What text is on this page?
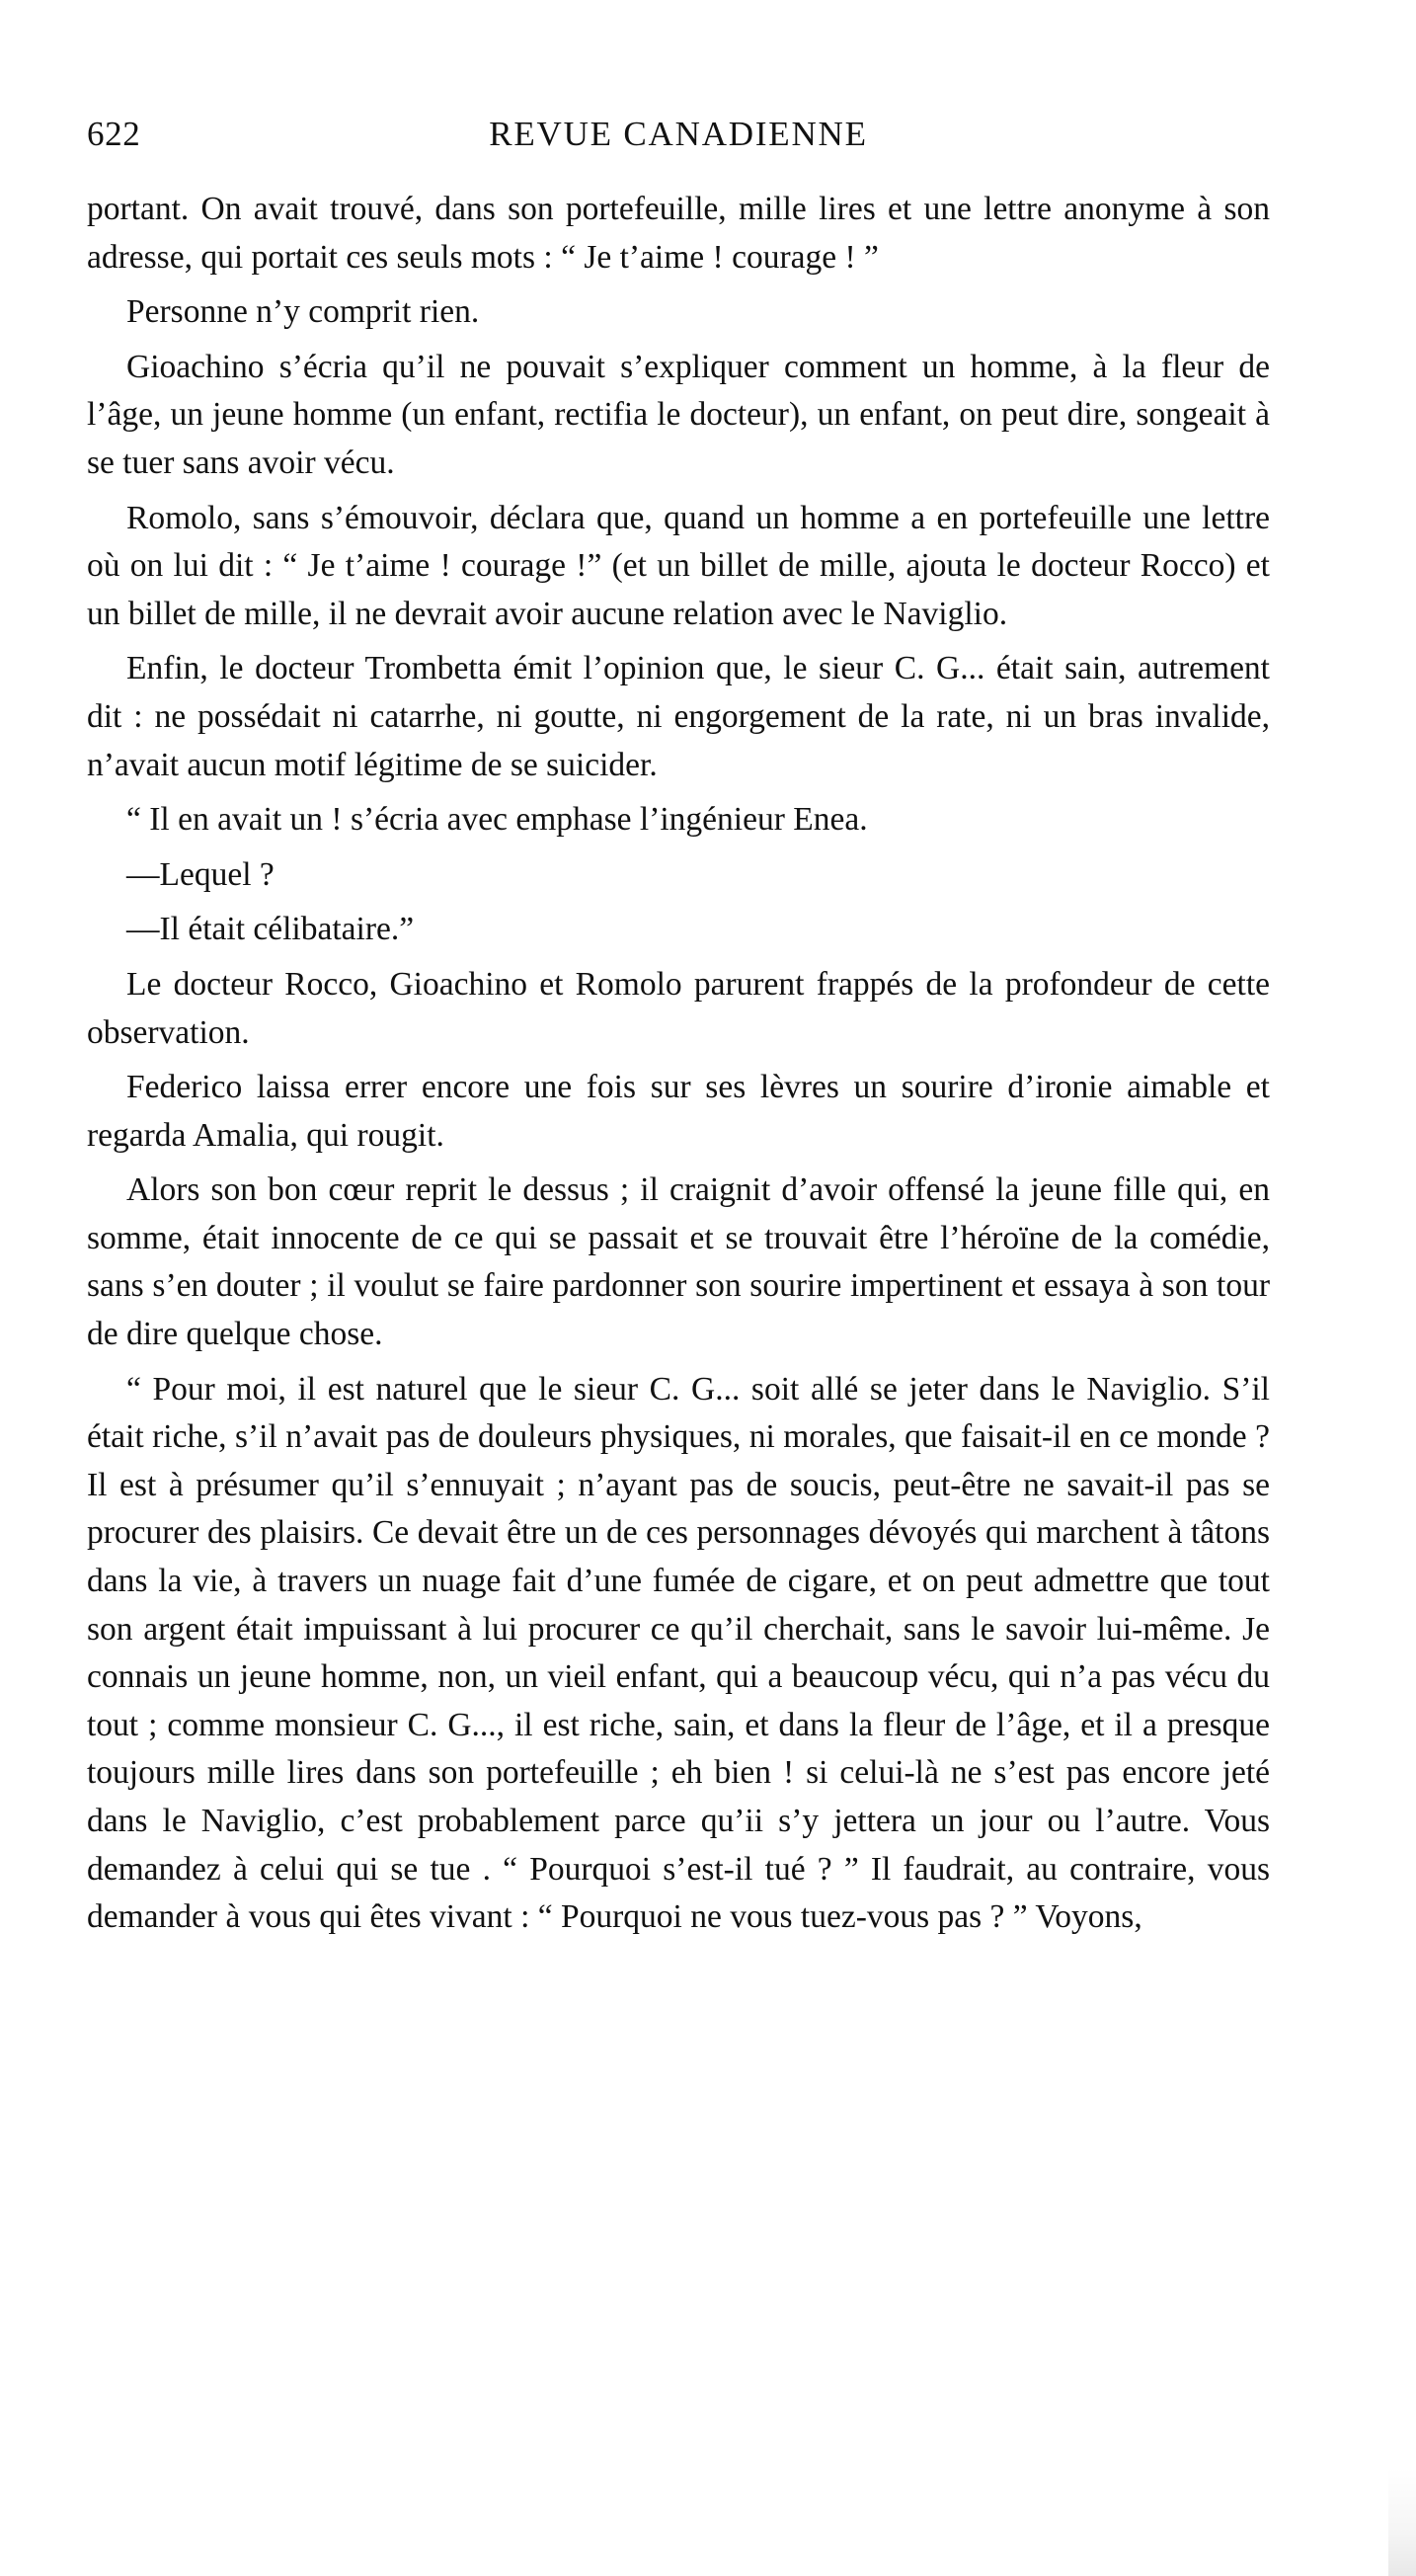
622	REVUE CANADIENNE

portant. On avait trouvé, dans son portefeuille, mille lires et une lettre anonyme à son adresse, qui portait ces seuls mots : “ Je t’aime ! courage ! ”

Personne n’y comprit rien.

Gioachino s’écria qu’il ne pouvait s’expliquer comment un homme, à la fleur de l’âge, un jeune homme (un enfant, rectifia le docteur), un enfant, on peut dire, songeait à se tuer sans avoir vécu.

Romolo, sans s’émouvoir, déclara que, quand un homme a en portefeuille une lettre où on lui dit : “ Je t’aime ! courage !” (et un billet de mille, ajouta le docteur Rocco) et un billet de mille, il ne devrait avoir aucune relation avec le Naviglio.

Enfin, le docteur Trombetta émit l’opinion que, le sieur C. G... était sain, autrement dit : ne possédait ni catarrhe, ni goutte, ni engorgement de la rate, ni un bras invalide, n’avait aucun motif légitime de se suicider.

“ Il en avait un ! s’écria avec emphase l’ingénieur Enea.

—Lequel ?

—Il était célibataire.”

Le docteur Rocco, Gioachino et Romolo parurent frappés de la profondeur de cette observation.

Federico laissa errer encore une fois sur ses lèvres un sourire d’ironie aimable et regarda Amalia, qui rougit.

Alors son bon cœur reprit le dessus ; il craignit d’avoir offensé la jeune fille qui, en somme, était innocente de ce qui se passait et se trouvait être l’héroïne de la comédie, sans s’en douter ; il voulut se faire pardonner son sourire impertinent et essaya à son tour de dire quelque chose.

“ Pour moi, il est naturel que le sieur C. G... soit allé se jeter dans le Naviglio. S’il était riche, s’il n’avait pas de douleurs physiques, ni morales, que faisait-il en ce monde ? Il est à présumer qu’il s’ennuyait ; n’ayant pas de soucis, peut-être ne savait-il pas se procurer des plaisirs. Ce devait être un de ces personnages dévoyés qui marchent à tâtons dans la vie, à travers un nuage fait d’une fumée de cigare, et on peut admettre que tout son argent était impuissant à lui procurer ce qu’il cherchait, sans le savoir lui-même. Je connais un jeune homme, non, un vieil enfant, qui a beaucoup vécu, qui n’a pas vécu du tout ; comme monsieur C. G..., il est riche, sain, et dans la fleur de l’âge, et il a presque toujours mille lires dans son portefeuille ; eh bien ! si celui-là ne s’est pas encore jeté dans le Naviglio, c’est probablement parce qu’ii s’y jettera un jour ou l’autre. Vous demandez à celui qui se tue . “ Pourquoi s’est-il tué ? ” Il faudrait, au contraire, vous demander à vous qui êtes vivant : “ Pourquoi ne vous tuez-vous pas ? ” Voyons,
